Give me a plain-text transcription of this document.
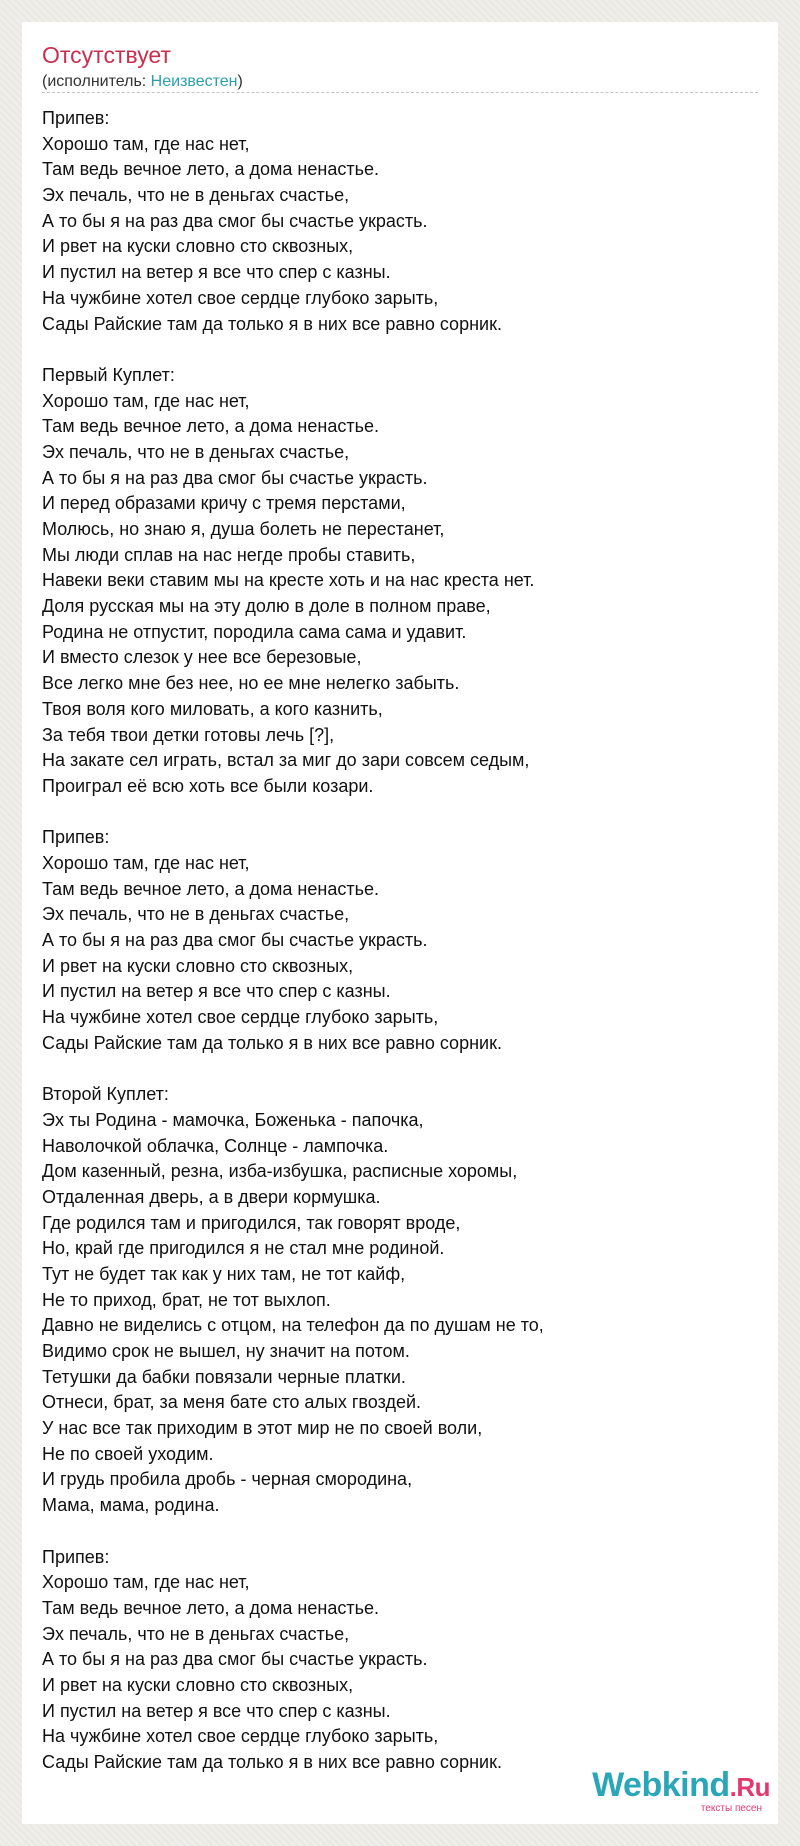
Отсутствует
(исполнитель: Неизвестен)
Припев:
Хорошо там, где нас нет,
Там ведь вечное лето, а дома ненастье.
Эх печаль, что не в деньгах счастье,
А то бы я на раз два смог бы счастье украсть.
И рвет на куски словно сто сквозных,
И пустил на ветер я все что спер с казны.
На чужбине хотел свое сердце глубоко зарыть,
Сады Райские там да только я в них все равно сорник.
Первый Куплет:
Хорошо там, где нас нет,
Там ведь вечное лето, а дома ненастье.
Эх печаль, что не в деньгах счастье,
А то бы я на раз два смог бы счастье украсть.
И перед образами кричу с тремя перстами,
Молюсь, но знаю я, душа болеть не перестанет,
Мы люди сплав на нас негде пробы ставить,
Навеки веки ставим мы на кресте хоть и на нас креста нет.
Доля русская мы на эту долю в доле в полном праве,
Родина не отпустит, породила сама сама и удавит.
И вместо слезок у нее все березовые,
Все легко мне без нее, но ее мне нелегко забыть.
Твоя воля кого миловать, а кого казнить,
За тебя твои детки готовы лечь [?],
На закате сел играть, встал за миг до зари совсем седым,
Проиграл её всю хоть все были козари.
Припев:
Хорошо там, где нас нет,
Там ведь вечное лето, а дома ненастье.
Эх печаль, что не в деньгах счастье,
А то бы я на раз два смог бы счастье украсть.
И рвет на куски словно сто сквозных,
И пустил на ветер я все что спер с казны.
На чужбине хотел свое сердце глубоко зарыть,
Сады Райские там да только я в них все равно сорник.
Второй Куплет:
Эх ты Родина - мамочка, Боженька - папочка,
Наволочкой облачка, Солнце - лампочка.
Дом казенный, резна, изба-избушка, расписные хоромы,
Отдаленная дверь, а в двери кормушка.
Где родился там и пригодился, так говорят вроде,
Но, край где пригодился я не стал мне родиной.
Тут не будет так как у них там, не тот кайф,
Не то приход, брат, не тот выхлоп.
Давно не виделись с отцом, на телефон да по душам не то,
Видимо срок не вышел, ну значит на потом.
Тетушки да бабки повязали черные платки.
Отнеси, брат, за меня бате сто алых гвоздей.
У нас все так приходим в этот мир не по своей воли,
Не по своей уходим.
И грудь пробила дробь - черная смородина,
Мама, мама, родина.
Припев:
Хорошо там, где нас нет,
Там ведь вечное лето, а дома ненастье.
Эх печаль, что не в деньгах счастье,
А то бы я на раз два смог бы счастье украсть.
И рвет на куски словно сто сквозных,
И пустил на ветер я все что спер с казны.
На чужбине хотел свое сердце глубоко зарыть,
Сады Райские там да только я в них все равно сорник.
Webkind.Ru
тексты песен
